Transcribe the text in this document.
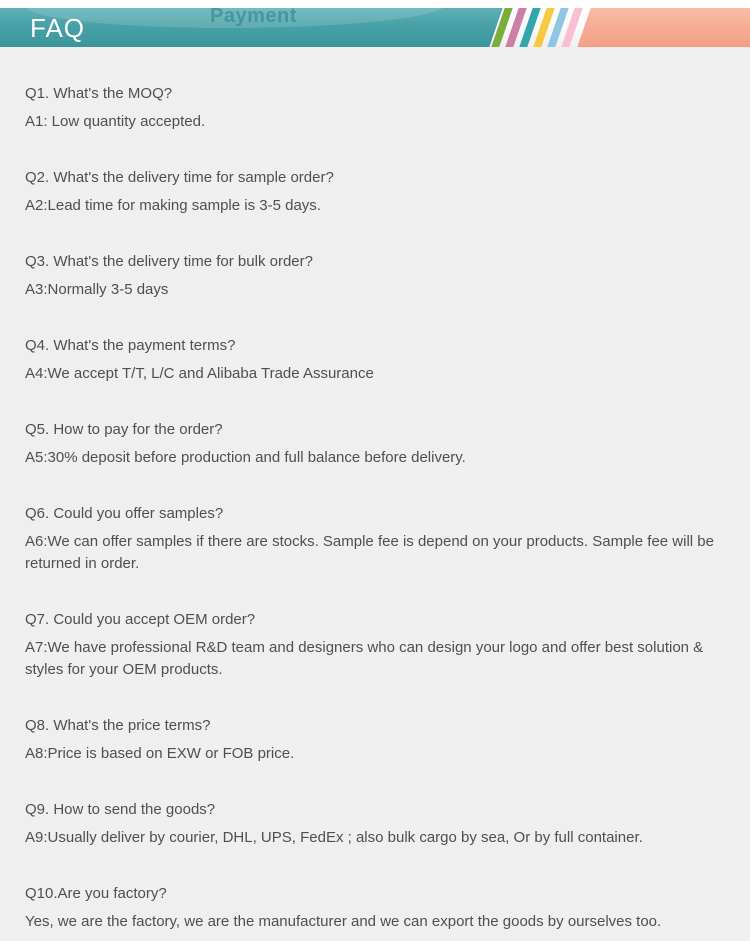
Payment
FAQ

Q1. What's the MOQ?

A1: Low quantity accepted.

Q2. What's the delivery time for sample order?

A2:Lead time for making sample is 3-5 days.

Q3. What's the delivery time for bulk order?

A3:Normally 3-5 days

Q4. What's the payment terms?

A4:We accept T/T, L/C and Alibaba Trade Assurance

Q5. How to pay for the order?

A5:30% deposit before production and full balance before delivery.

Q6. Could you offer samples?

A6:We can offer samples if there are stocks. Sample fee is depend on your products. Sample fee will be returned in order.

Q7. Could you accept OEM order?

A7:We have professional R&D team and designers who can design your logo and offer best solution & styles for your OEM products.

Q8. What's the price terms?

A8:Price is based on EXW or FOB price.

Q9. How to send the goods?

A9:Usually deliver by courier, DHL, UPS, FedEx ; also bulk cargo by sea, Or by full container.

Q10.Are you factory?

Yes, we are the factory, we are the manufacturer and we can export the goods by ourselves too.
